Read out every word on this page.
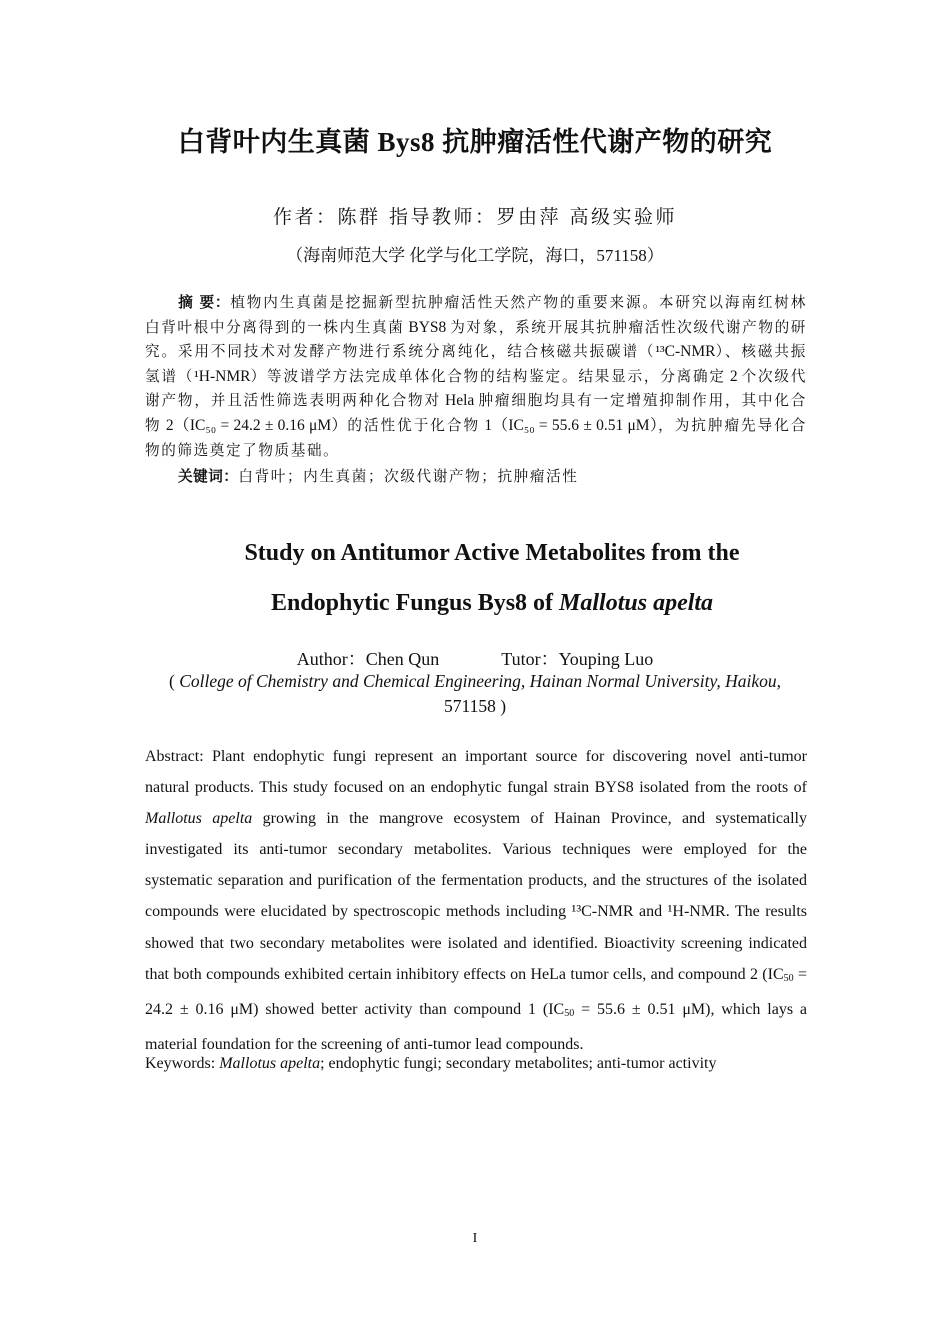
白背叶内生真菌 Bys8 抗肿瘤活性代谢产物的研究
作者：陈群 指导教师：罗由萍 高级实验师
（海南师范大学 化学与化工学院，海口，571158）
摘 要：植物内生真菌是挖掘新型抗肿瘤活性天然产物的重要来源。本研究以海南红树林白背叶根中分离得到的一株内生真菌 BYS8 为对象，系统开展其抗肿瘤活性次级代谢产物的研究。采用不同技术对发酵产物进行系统分离纯化，结合核磁共振碳谱（¹³C-NMR）、核磁共振氢谱（¹H-NMR）等波谱学方法完成单体化合物的结构鉴定。结果显示，分离确定 2 个次级代谢产物，并且活性筛选表明两种化合物对 Hela 肿瘤细胞均具有一定增殖抑制作用，其中化合物 2（IC₅₀ = 24.2 ± 0.16 μM）的活性优于化合物 1（IC₅₀ = 55.6 ± 0.51 μM），为抗肿瘤先导化合物的筛选奠定了物质基础。
关键词：白背叶；内生真菌；次级代谢产物；抗肿瘤活性
Study on Antitumor Active Metabolites from the
Endophytic Fungus Bys8 of Mallotus apelta
Author：Chen Qun	Tutor：Youping Luo
( College of Chemistry and Chemical Engineering, Hainan Normal University, Haikou, 571158 )
Abstract: Plant endophytic fungi represent an important source for discovering novel anti-tumor natural products. This study focused on an endophytic fungal strain BYS8 isolated from the roots of Mallotus apelta growing in the mangrove ecosystem of Hainan Province, and systematically investigated its anti-tumor secondary metabolites. Various techniques were employed for the systematic separation and purification of the fermentation products, and the structures of the isolated compounds were elucidated by spectroscopic methods including ¹³C-NMR and ¹H-NMR. The results showed that two secondary metabolites were isolated and identified. Bioactivity screening indicated that both compounds exhibited certain inhibitory effects on HeLa tumor cells, and compound 2 ($IC_{50} = 24.2 \pm 0.16$ μM) showed better activity than compound 1 ($IC_{50} = 55.6 \pm 0.51$ μM), which lays a material foundation for the screening of anti-tumor lead compounds.
Keywords: Mallotus apelta; endophytic fungi; secondary metabolites; anti-tumor activity
I
